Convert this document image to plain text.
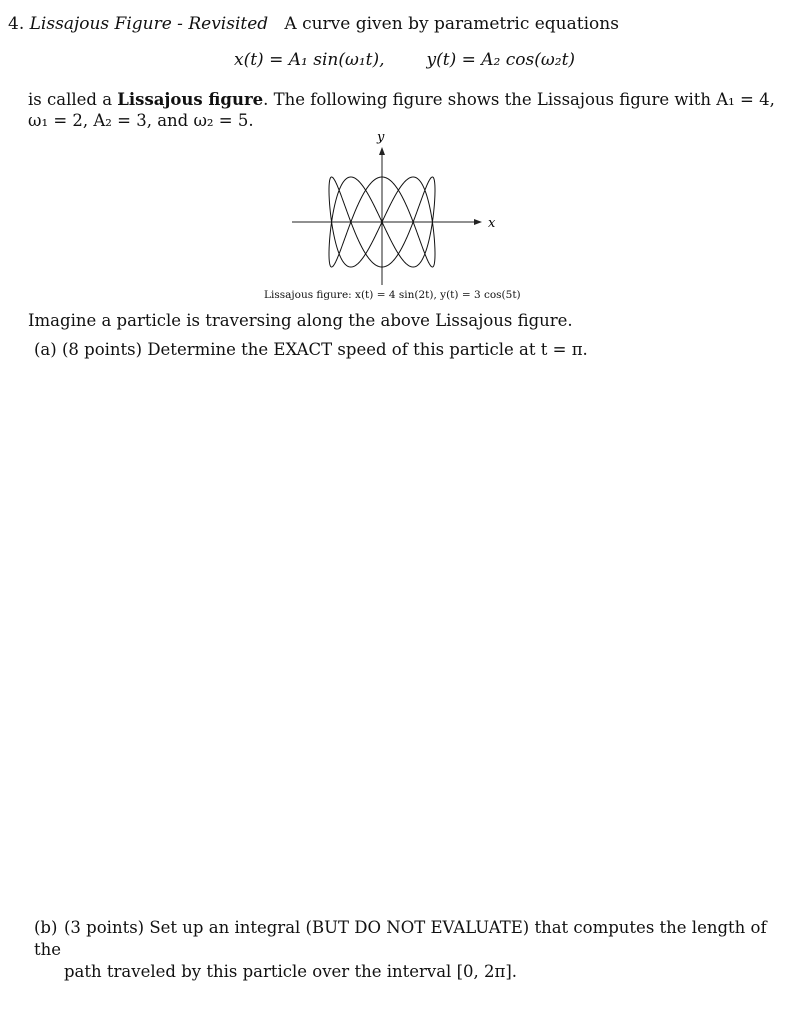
4. Lissajous Figure - Revisited A curve given by parametric equations
x(t) = A₁ sin(ω₁t), y(t) = A₂ cos(ω₂t)
is called a Lissajous figure. The following figure shows the Lissajous figure with A₁ = 4, ω₁ = 2, A₂ = 3, and ω₂ = 5.
y
x
Lissajous figure: x(t) = 4 sin(2t), y(t) = 3 cos(5t)
Imagine a particle is traversing along the above Lissajous figure.
(a) (8 points) Determine the EXACT speed of this particle at t = π.
(b) (3 points) Set up an integral (BUT DO NOT EVALUATE) that computes the length of the
path traveled by this particle over the interval [0, 2π].
